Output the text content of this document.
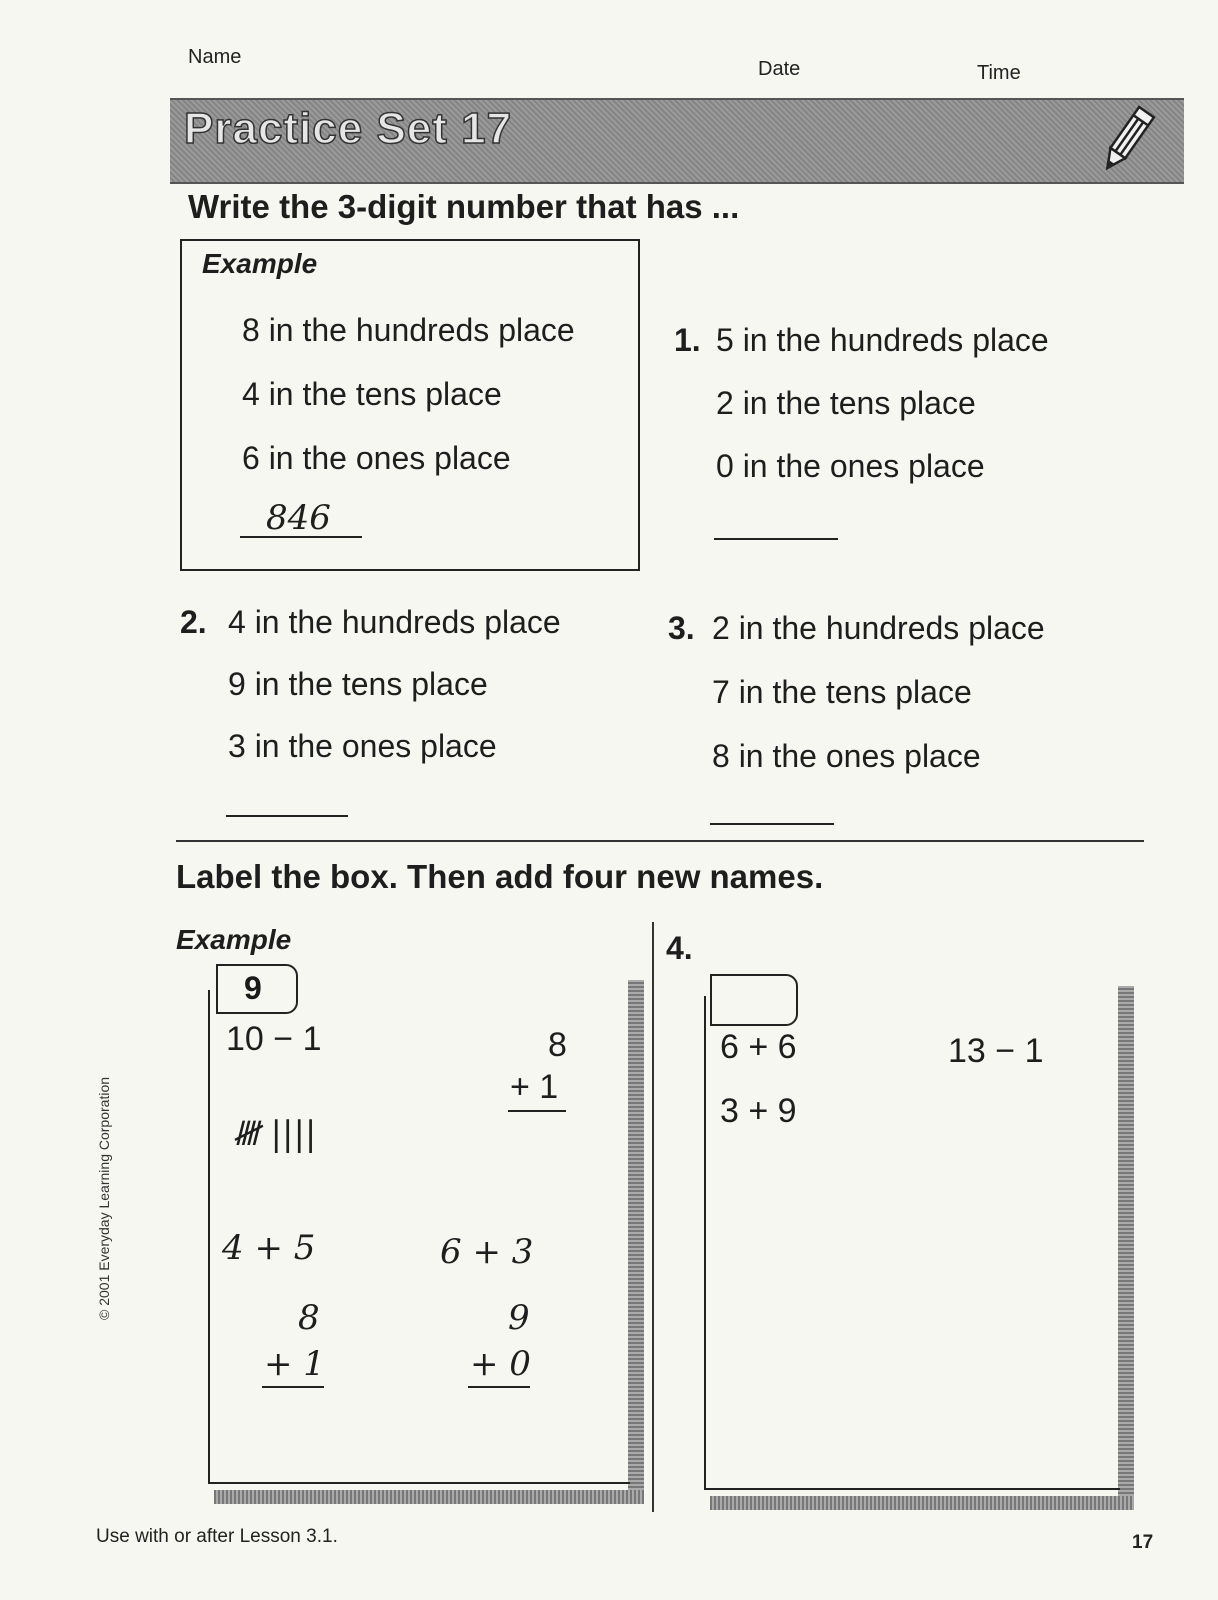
Name
Date	Time
Practice Set 17
Write the 3-digit number that has ...
Example
8 in the hundreds place
4 in the tens place
6 in the ones place
846
1. 5 in the hundreds place
2 in the tens place
0 in the ones place
2. 4 in the hundreds place
9 in the tens place
3 in the ones place
3. 2 in the hundreds place
7 in the tens place
8 in the ones place
Label the box. Then add four new names.
Example	4.
9
10 − 1	8
+ 1
𝍸 ||||
4 + 5	6 + 3
8
+ 1
9
+ 0
6 + 6	13 − 1
3 + 9
Use with or after Lesson 3.1.	17
© 2001 Everyday Learning Corporation
